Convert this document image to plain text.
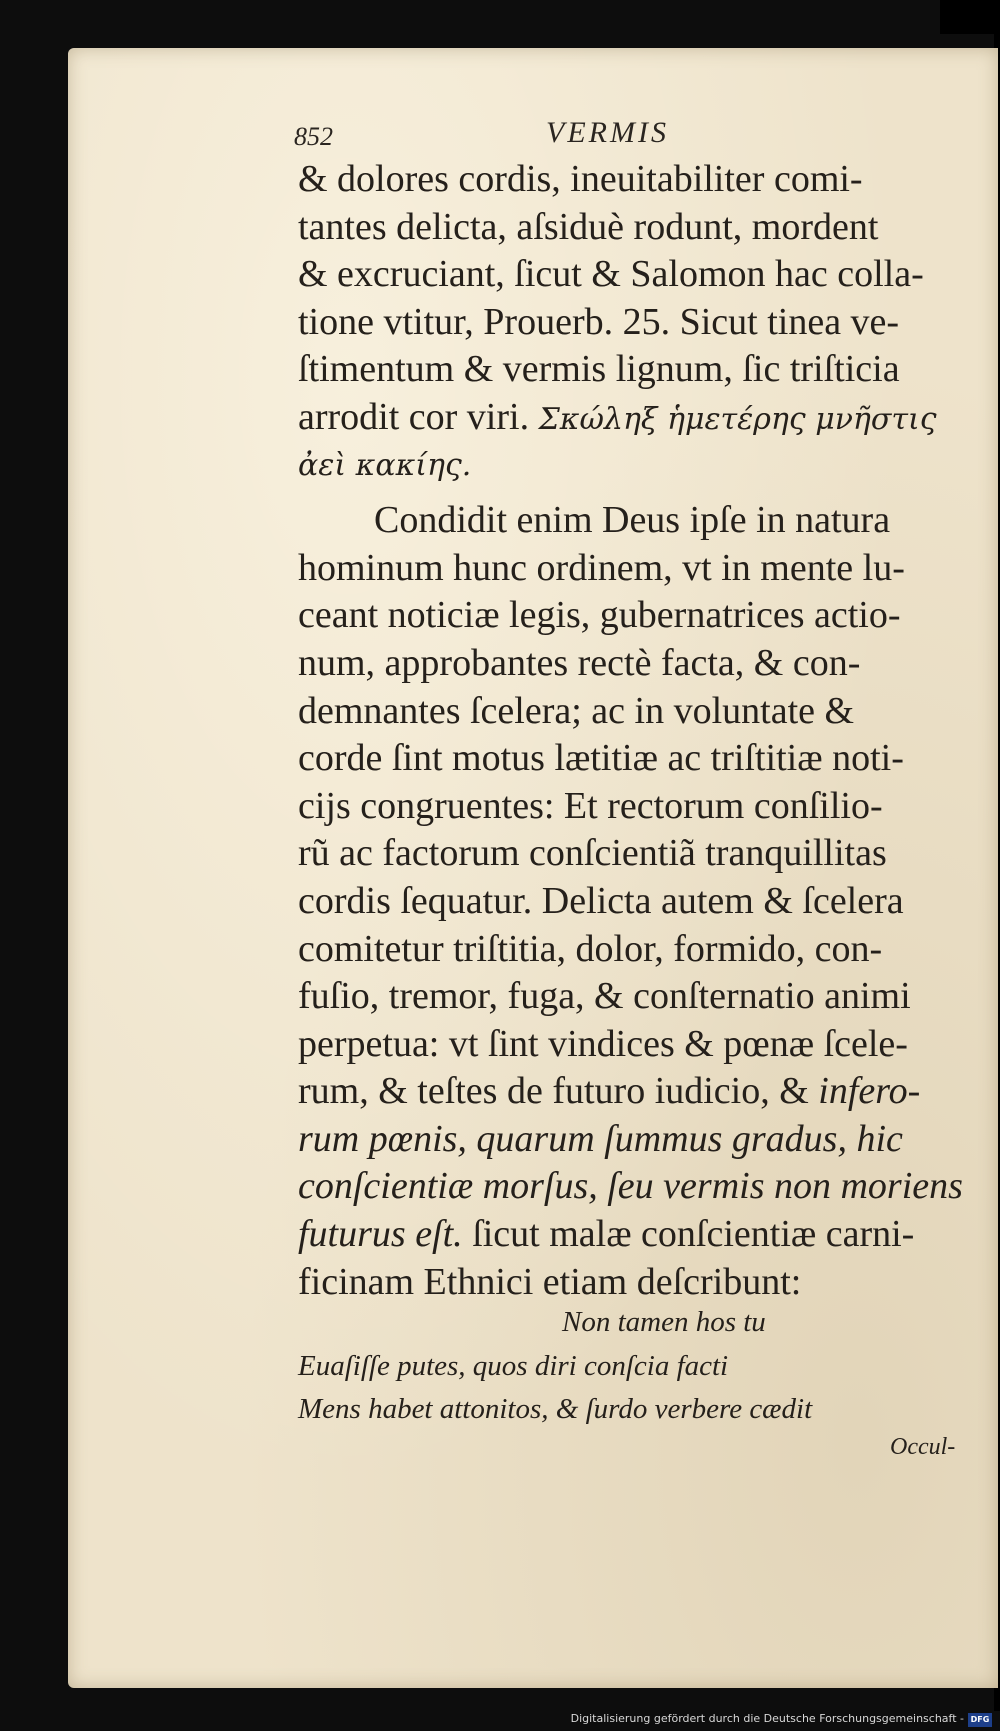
852	VERMIS
& dolores cordis, ineuitabiliter comi-
tantes delicta, aſsiduè rodunt, mordent
& excruciant, ſicut & Salomon hac colla-
tione vtitur, Prouerb. 25. Sicut tinea ve-
ſtimentum & vermis lignum, ſic triſticia
arrodit cor viri. Σκώληξ ἡμετέρης μνῆστις
ἀεὶ κακίης.
Condidit enim Deus ipſe in natura
hominum hunc ordinem, vt in mente lu-
ceant noticiæ legis, gubernatrices actio-
num, approbantes rectè facta, & con-
demnantes ſcelera; ac in voluntate &
corde ſint motus lætitiæ ac triſtitiæ noti-
cijs congruentes: Et rectorum conſilio-
rũ ac factorum conſcientiã tranquillitas
cordis ſequatur. Delicta autem & ſcelera
comitetur triſtitia, dolor, formido, con-
fuſio, tremor, fuga, & conſternatio animi
perpetua: vt ſint vindices & pœnæ ſcele-
rum, & teſtes de futuro iudicio, & infero-
rum pœnis, quarum ſummus gradus, hic
conſcientiæ morſus, ſeu vermis non moriens
futurus eſt. ſicut malæ conſcientiæ carni-
ficinam Ethnici etiam deſcribunt:
Non tamen hos tu
Euaſiſſe putes, quos diri conſcia facti
Mens habet attonitos, & ſurdo verbere cædit
Occul-
Digitalisierung gefördert durch die Deutsche Forschungsgemeinschaft - DFG
